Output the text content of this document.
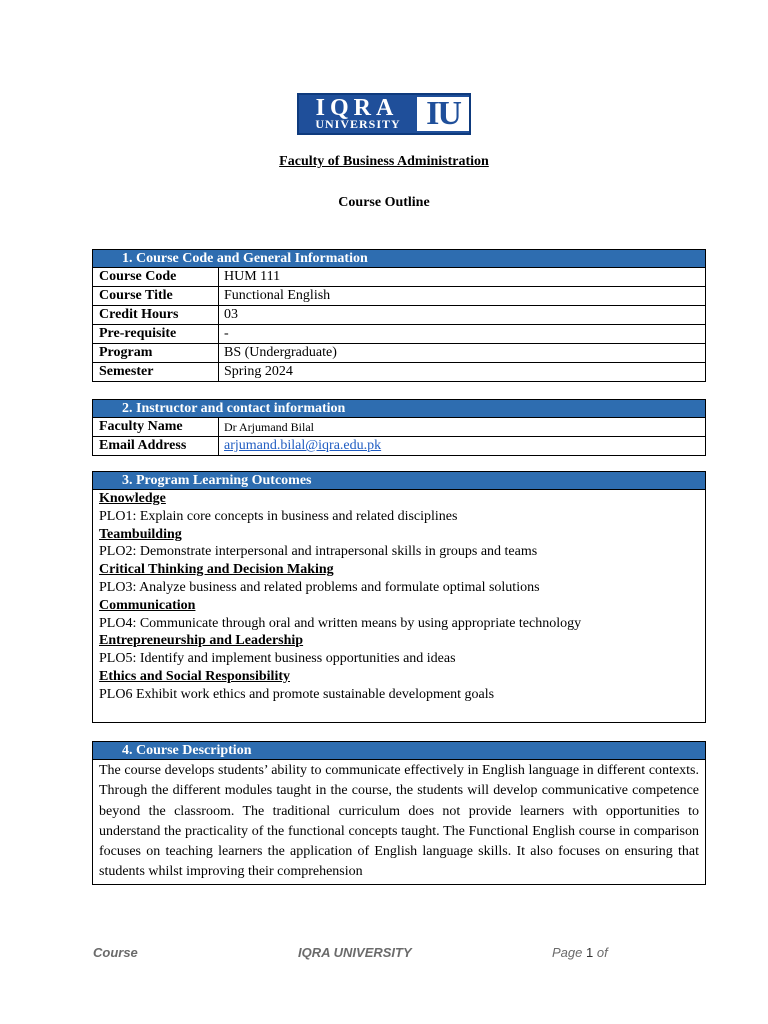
IQRA
UNIVERSITY IU
Faculty of Business Administration
Course Outline
1. Course Code and General Information
Course Code	HUM 111
Course Title	Functional English
Credit Hours	03
Pre-requisite	-
Program	BS (Undergraduate)
Semester	Spring 2024
2. Instructor and contact information
Faculty Name	Dr Arjumand Bilal
Email Address	arjumand.bilal@iqra.edu.pk
3. Program Learning Outcomes
Knowledge
PLO1: Explain core concepts in business and related disciplines
Teambuilding
PLO2: Demonstrate interpersonal and intrapersonal skills in groups and teams
Critical Thinking and Decision Making
PLO3: Analyze business and related problems and formulate optimal solutions
Communication
PLO4: Communicate through oral and written means by using appropriate technology
Entrepreneurship and Leadership
PLO5: Identify and implement business opportunities and ideas
Ethics and Social Responsibility
PLO6 Exhibit work ethics and promote sustainable development goals
4. Course Description
The course develops students’ ability to communicate effectively in English language in different contexts. Through the different modules taught in the course, the students will develop communicative competence beyond the classroom. The traditional curriculum does not provide learners with opportunities to understand the practicality of the functional concepts taught. The Functional English course in comparison focuses on teaching learners the application of English language skills. It also focuses on ensuring that students whilst improving their comprehension
Course	IQRA UNIVERSITY	Page 1 of
